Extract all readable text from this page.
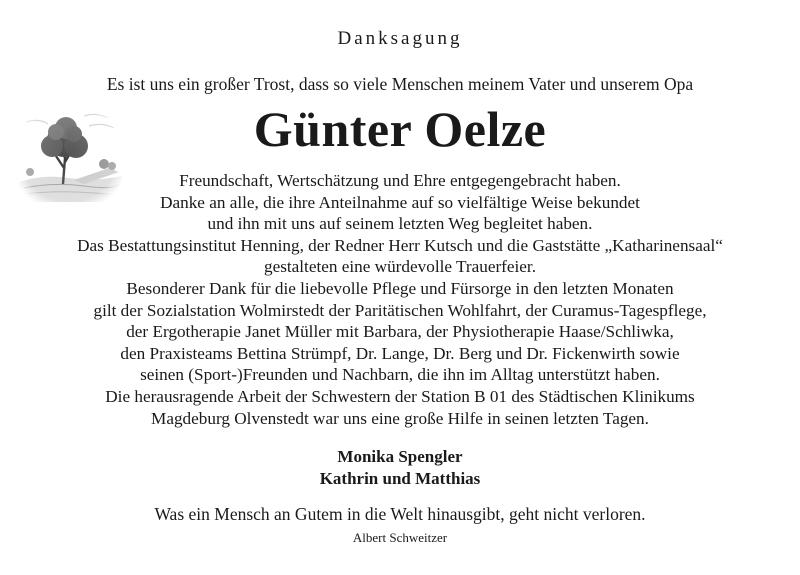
Danksagung
Es ist uns ein großer Trost, dass so viele Menschen meinem Vater und unserem Opa
Günter Oelze
Freundschaft, Wertschätzung und Ehre entgegengebracht haben.
Danke an alle, die ihre Anteilnahme auf so vielfältige Weise bekundet
und ihn mit uns auf seinem letzten Weg begleitet haben.
Das Bestattungsinstitut Henning, der Redner Herr Kutsch und die Gaststätte „Katharinensaal“
gestalteten eine würdevolle Trauerfeier.
Besonderer Dank für die liebevolle Pflege und Fürsorge in den letzten Monaten
gilt der Sozialstation Wolmirstedt der Paritätischen Wohlfahrt, der Curamus-Tagespflege,
der Ergotherapie Janet Müller mit Barbara, der Physiotherapie Haase/Schliwka,
den Praxisteams Bettina Strümpf, Dr. Lange, Dr. Berg und Dr. Fickenwirth sowie
seinen (Sport-)Freunden und Nachbarn, die ihn im Alltag unterstützt haben.
Die herausragende Arbeit der Schwestern der Station B 01 des Städtischen Klinikums
Magdeburg Olvenstedt war uns eine große Hilfe in seinen letzten Tagen.
Monika Spengler
Kathrin und Matthias
Was ein Mensch an Gutem in die Welt hinausgibt, geht nicht verloren.
Albert Schweitzer
